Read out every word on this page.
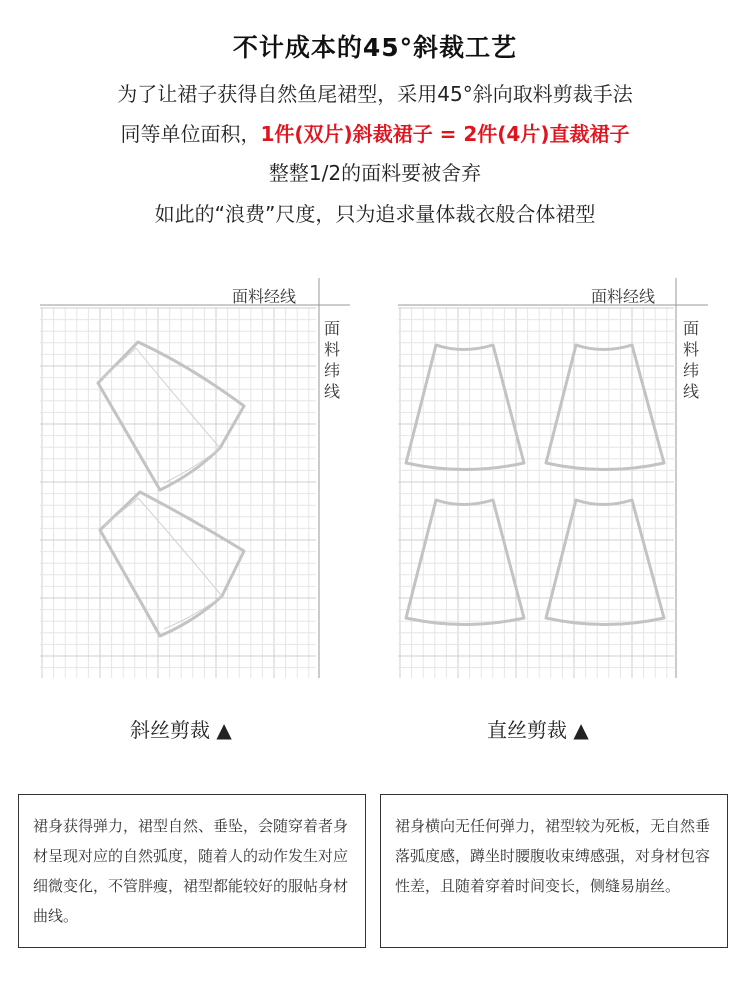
不计成本的45°斜裁工艺
为了让裙子获得自然鱼尾裙型，采用45°斜向取料剪裁手法
同等单位面积，1件(双片)斜裁裙子 = 2件(4片)直裁裙子
整整1/2的面料要被舍弃
如此的“浪费”尺度，只为追求量体裁衣般合体裙型
面料经线
面
料
纬
线
面料经线
面
料
纬
线
斜丝剪裁 ▲	直丝剪裁 ▲
裙身获得弹力，裙型自然、垂坠，会随穿着者身材呈现对应的自然弧度，随着人的动作发生对应细微变化，不管胖瘦，裙型都能较好的服帖身材曲线。
裙身横向无任何弹力，裙型较为死板，无自然垂落弧度感，蹲坐时腰腹收束缚感强，对身材包容性差，且随着穿着时间变长，侧缝易崩丝。
